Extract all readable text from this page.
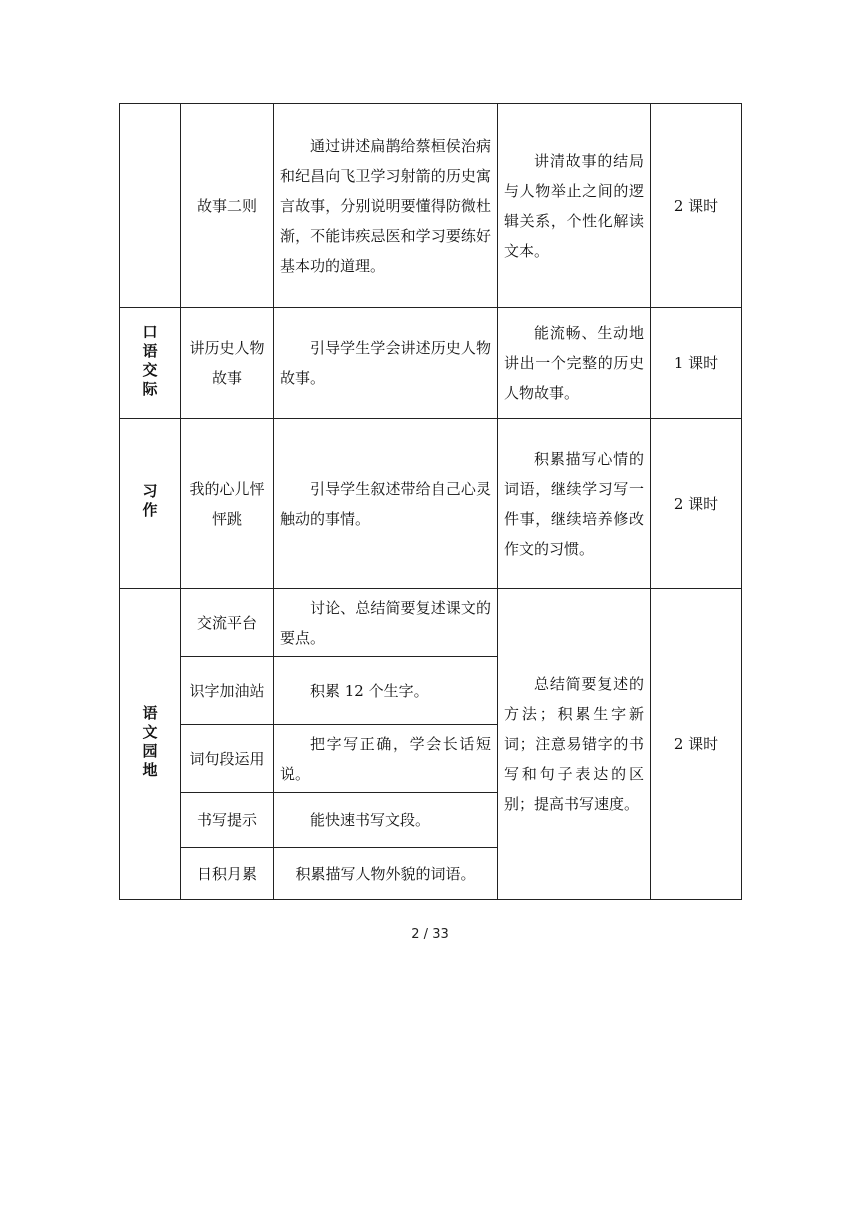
	故事二则	通过讲述扁鹊给蔡桓侯治病和纪昌向飞卫学习射箭的历史寓言故事，分别说明要懂得防微杜渐，不能讳疾忌医和学习要练好基本功的道理。	讲清故事的结局与人物举止之间的逻辑关系，个性化解读文本。	2 课时
口语交际	讲历史人物故事	引导学生学会讲述历史人物故事。	能流畅、生动地讲出一个完整的历史人物故事。	1 课时
习作	我的心儿怦怦跳	引导学生叙述带给自己心灵触动的事情。	积累描写心情的词语，继续学习写一件事，继续培养修改作文的习惯。	2 课时
语文园地	交流平台	讨论、总结简要复述课文的要点。	总结简要复述的方法；积累生字新词；注意易错字的书写和句子表达的区别；提高书写速度。	2 课时
	识字加油站	积累 12 个生字。		

	词句段运用	把字写正确，学会长话短说。		

	书写提示	能快速书写文段。		

	日积月累	积累描写人物外貌的词语。		
2 / 33
